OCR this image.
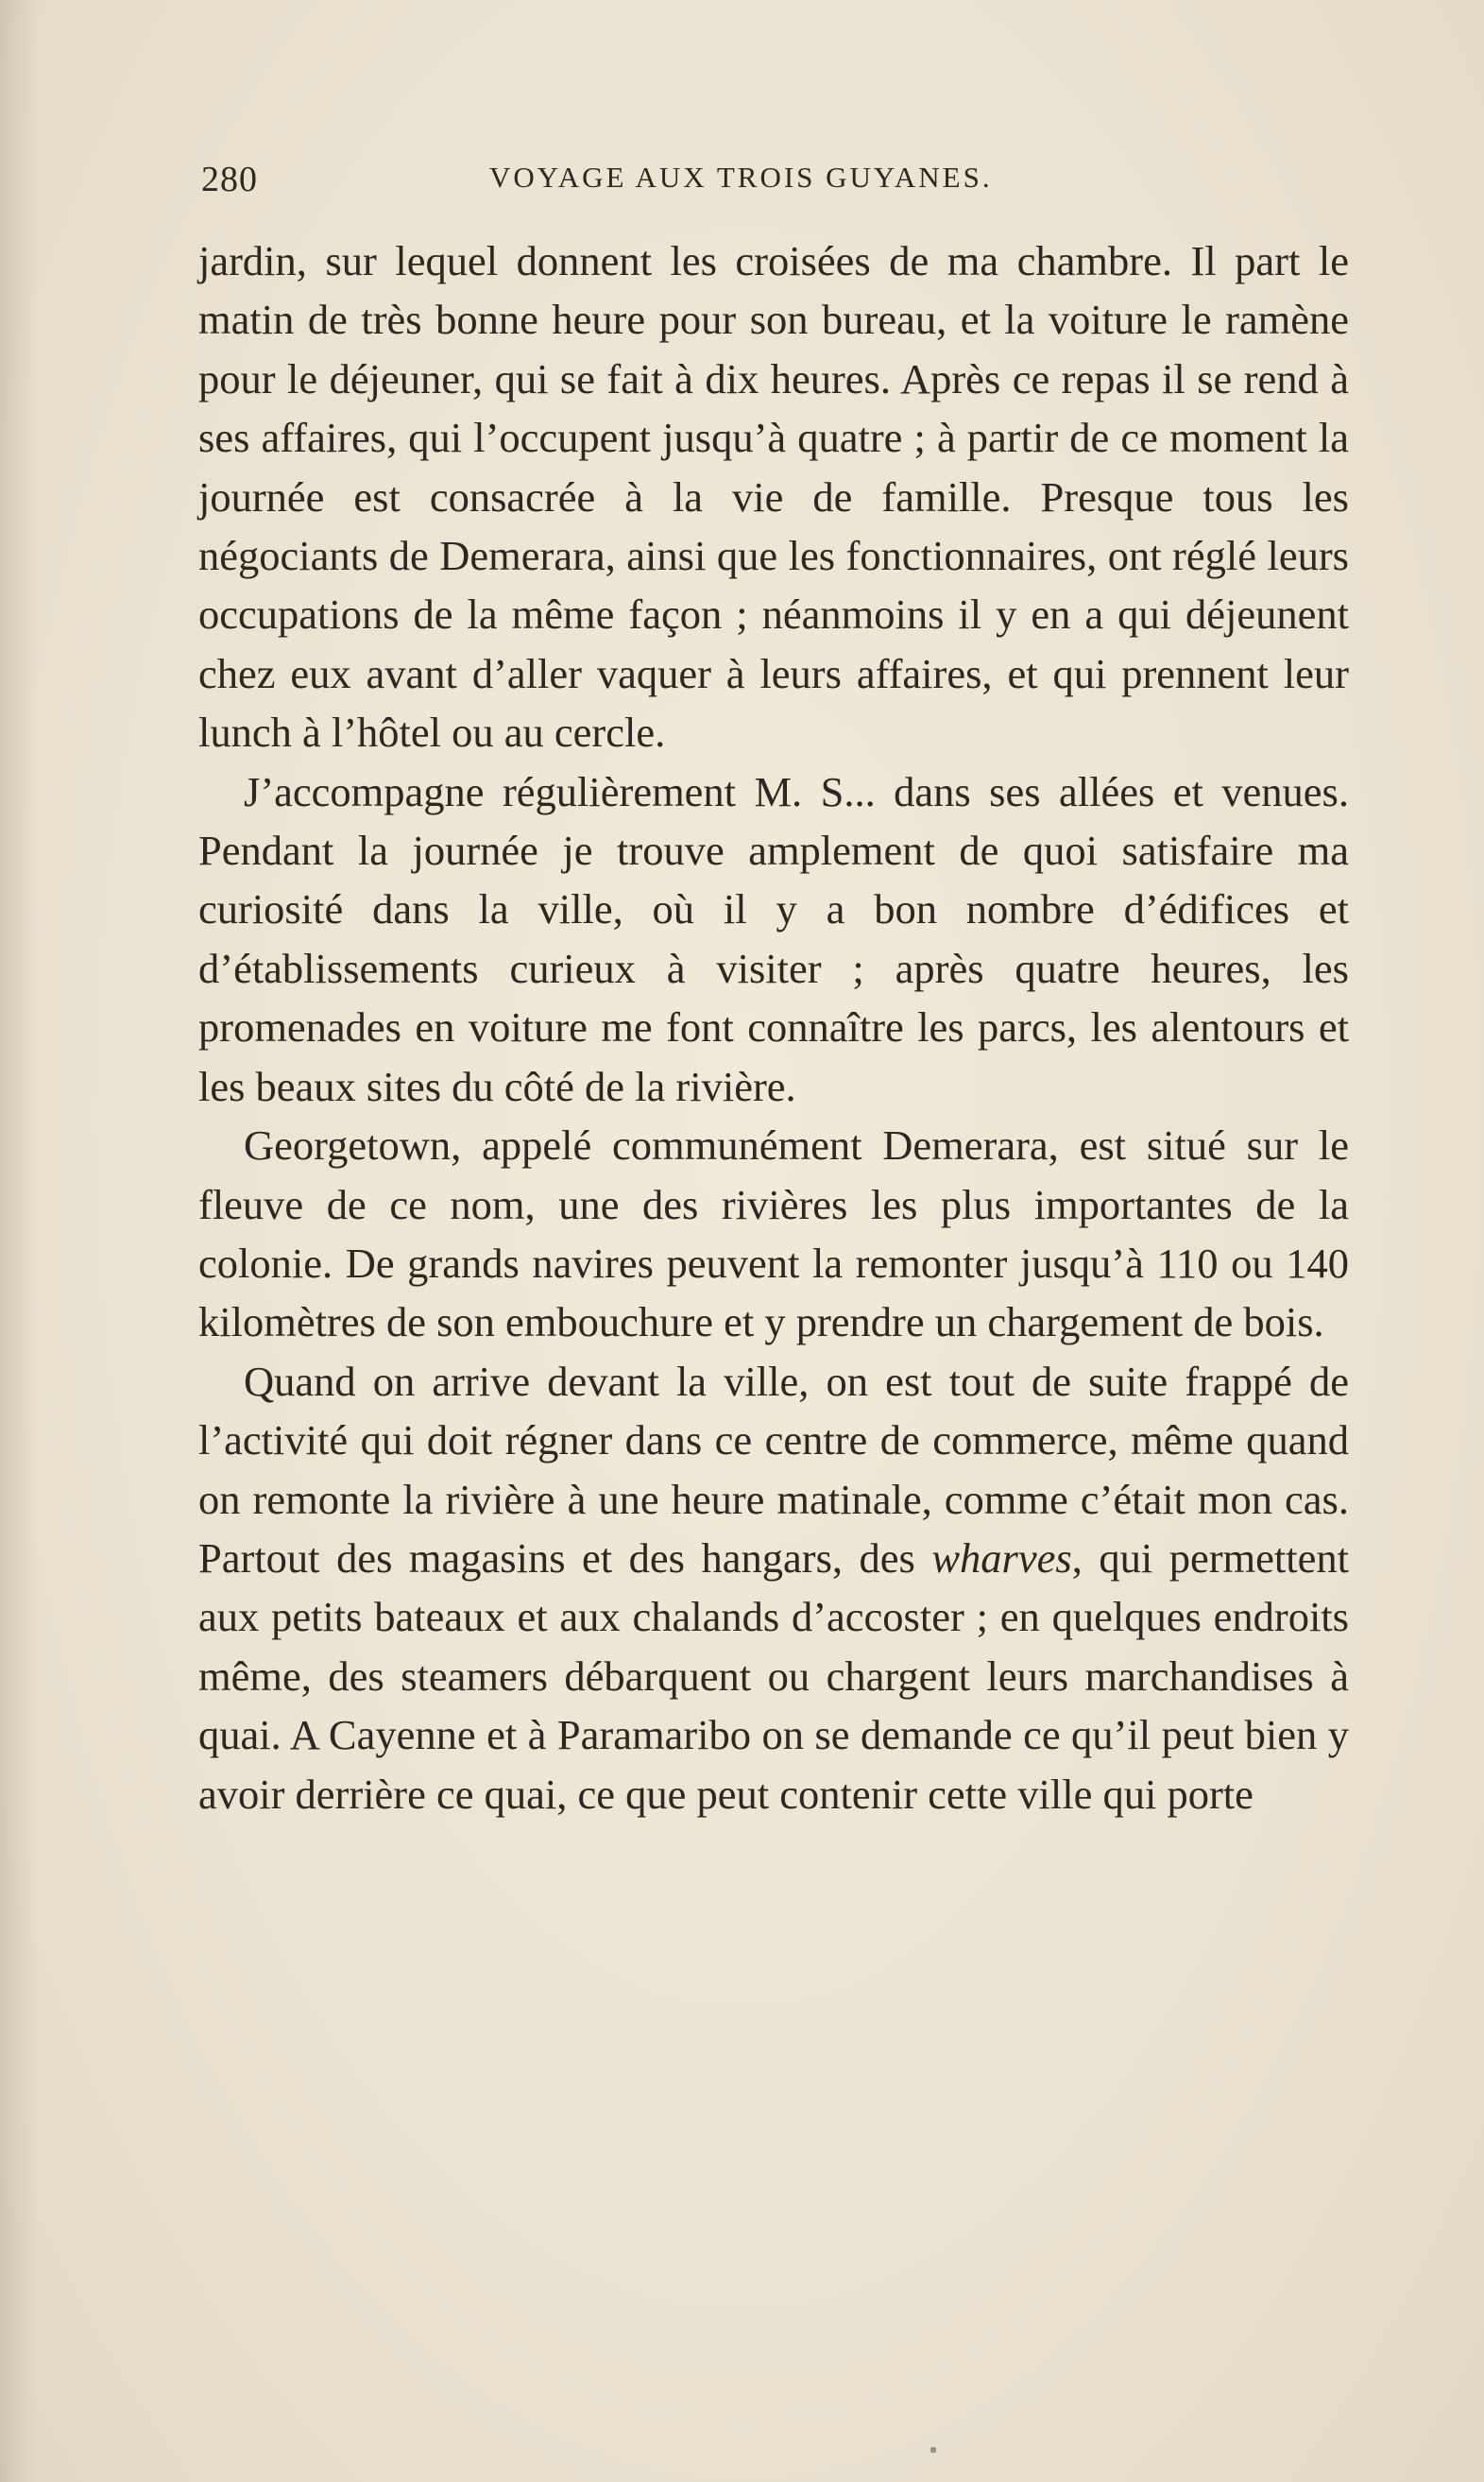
280	VOYAGE AUX TROIS GUYANES.

jardin, sur lequel donnent les croisées de ma chambre. Il part le matin de très bonne heure pour son bureau, et la voiture le ramène pour le déjeuner, qui se fait à dix heures. Après ce repas il se rend à ses affaires, qui l’occupent jusqu’à quatre ; à partir de ce moment la journée est consacrée à la vie de famille. Presque tous les négociants de Demerara, ainsi que les fonctionnaires, ont réglé leurs occupations de la même façon ; néanmoins il y en a qui déjeunent chez eux avant d’aller vaquer à leurs affaires, et qui prennent leur lunch à l’hôtel ou au cercle.

J’accompagne régulièrement M. S... dans ses allées et venues. Pendant la journée je trouve amplement de quoi satisfaire ma curiosité dans la ville, où il y a bon nombre d’édifices et d’établissements curieux à visiter ; après quatre heures, les promenades en voiture me font connaître les parcs, les alentours et les beaux sites du côté de la rivière.

Georgetown, appelé communément Demerara, est situé sur le fleuve de ce nom, une des rivières les plus importantes de la colonie. De grands navires peuvent la remonter jusqu’à 110 ou 140 kilomètres de son embouchure et y prendre un chargement de bois.

Quand on arrive devant la ville, on est tout de suite frappé de l’activité qui doit régner dans ce centre de commerce, même quand on remonte la rivière à une heure matinale, comme c’était mon cas. Partout des magasins et des hangars, des wharves, qui permettent aux petits bateaux et aux chalands d’accoster ; en quelques endroits même, des steamers débarquent ou chargent leurs marchandises à quai. A Cayenne et à Paramaribo on se demande ce qu’il peut bien y avoir derrière ce quai, ce que peut contenir cette ville qui porte
